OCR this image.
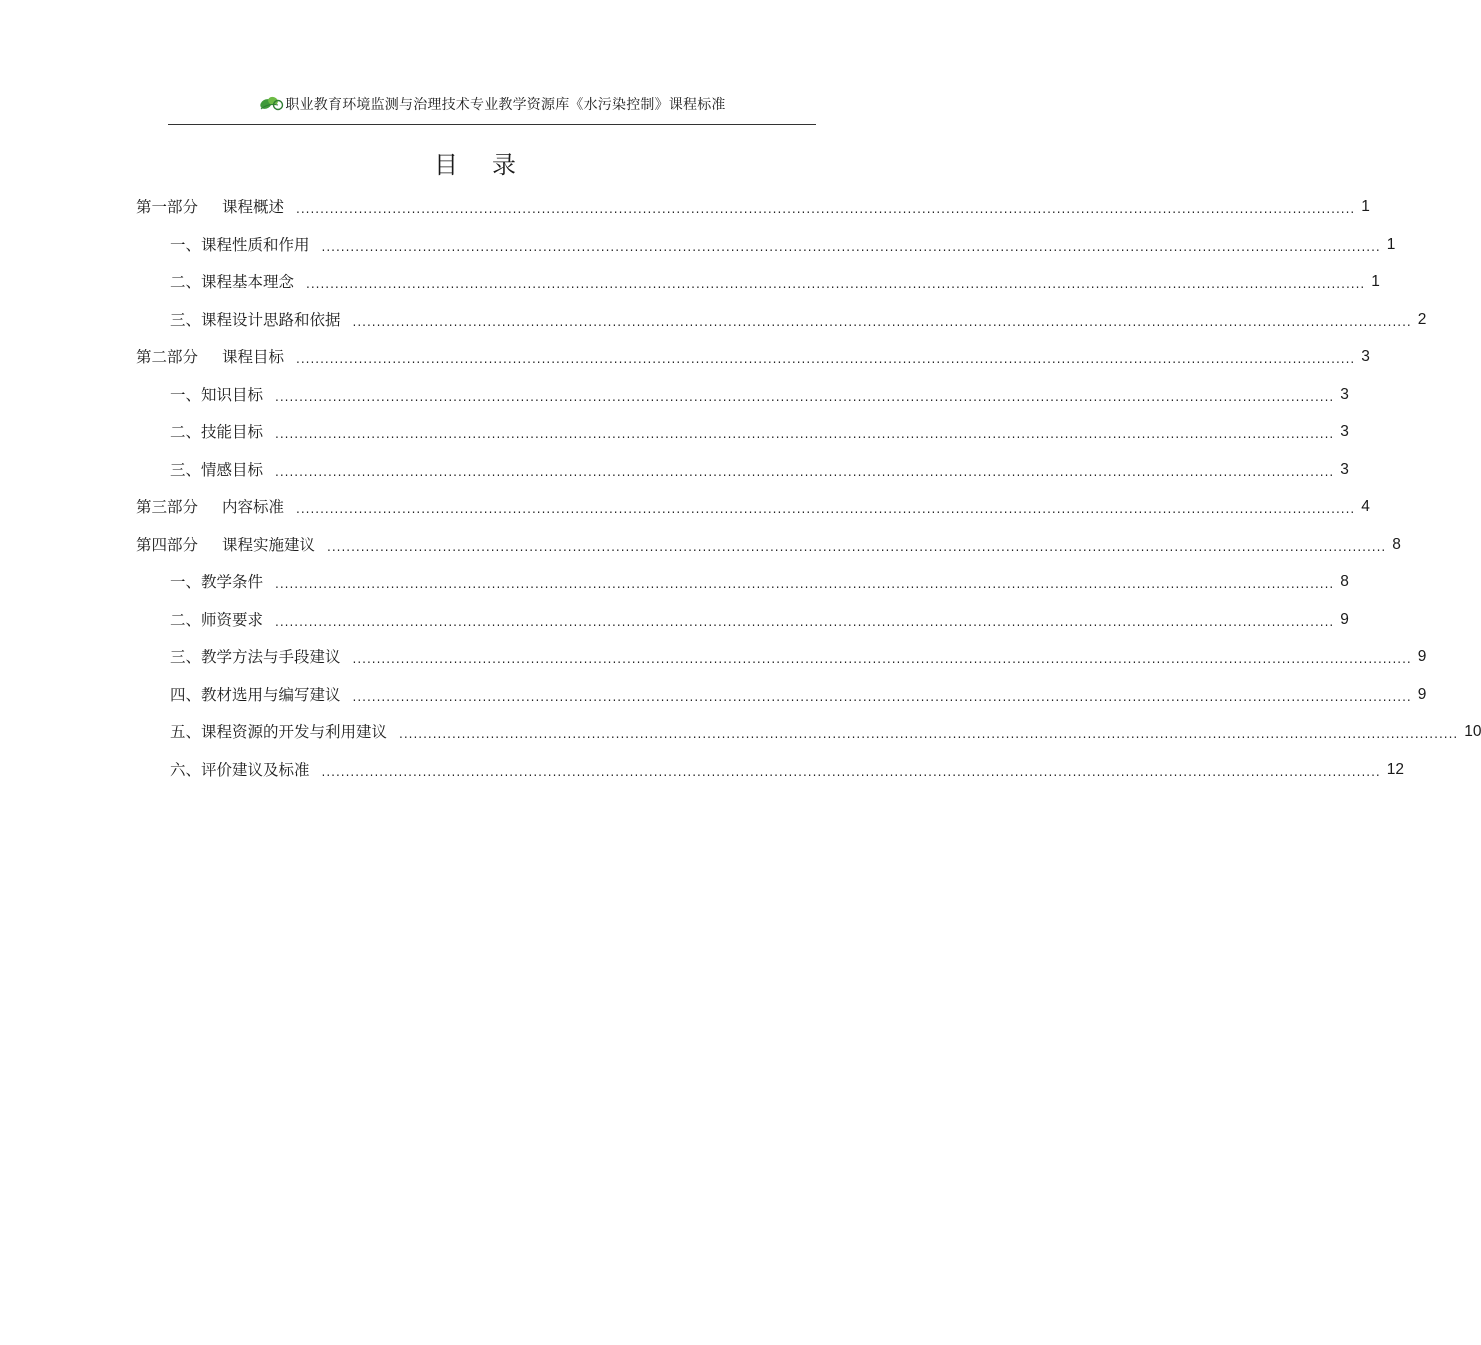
职业教育环境监测与治理技术专业教学资源库《水污染控制》课程标准
目 录
第一部分 课程概述 ............................................................................................................................................................................................................................ 1
一、课程性质和作用 ............................................................................................................................................................................................................................ 1
二、课程基本理念 ............................................................................................................................................................................................................................ 1
三、课程设计思路和依据 ............................................................................................................................................................................................................................ 2
第二部分 课程目标 ............................................................................................................................................................................................................................ 3
一、知识目标 ............................................................................................................................................................................................................................ 3
二、技能目标 ............................................................................................................................................................................................................................ 3
三、情感目标 ............................................................................................................................................................................................................................ 3
第三部分 内容标准 ............................................................................................................................................................................................................................ 4
第四部分 课程实施建议 ............................................................................................................................................................................................................................ 8
一、教学条件 ............................................................................................................................................................................................................................ 8
二、师资要求 ............................................................................................................................................................................................................................ 9
三、教学方法与手段建议 ............................................................................................................................................................................................................................ 9
四、教材选用与编写建议 ............................................................................................................................................................................................................................ 9
五、课程资源的开发与利用建议 ............................................................................................................................................................................................................................ 10
六、评价建议及标准 ............................................................................................................................................................................................................................ 12
